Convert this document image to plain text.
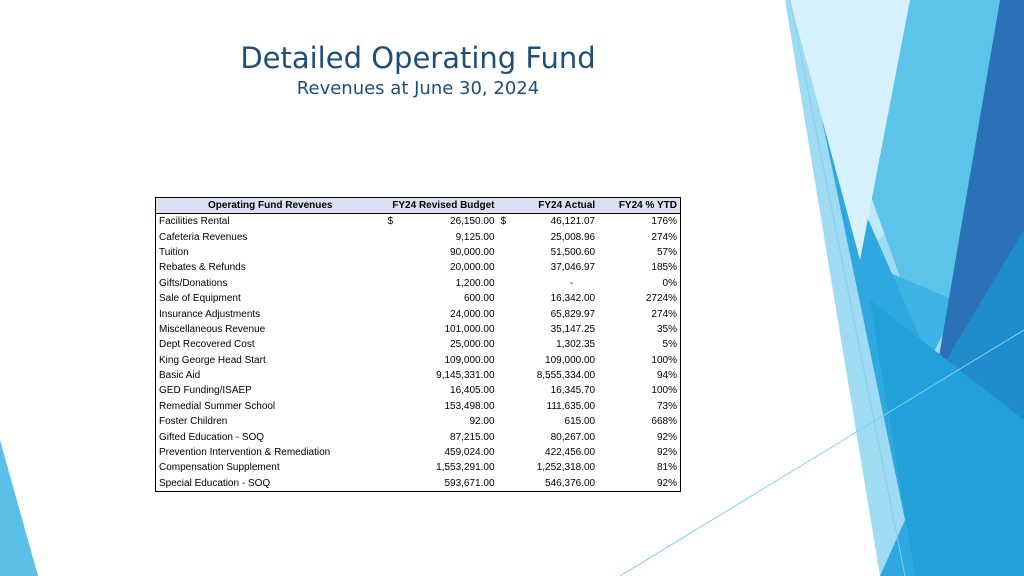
Detailed Operating Fund
Revenues at June 30, 2024
Operating Fund Revenues	FY24 Revised Budget	FY24 Actual	FY24 % YTD
Facilities Rental	$ 26,150.00	$ 46,121.07	176%
Cafeteria Revenues	9,125.00	25,008.96	274%
Tuition	90,000.00	51,500.60	57%
Rebates & Refunds	20,000.00	37,046.97	185%
Gifts/Donations	1,200.00	-	0%
Sale of Equipment	600.00	16,342.00	2724%
Insurance Adjustments	24,000.00	65,829.97	274%
Miscellaneous Revenue	101,000.00	35,147.25	35%
Dept Recovered Cost	25,000.00	1,302.35	5%
King George Head Start	109,000.00	109,000.00	100%
Basic Aid	9,145,331.00	8,555,334.00	94%
GED Funding/ISAEP	16,405.00	16,345.70	100%
Remedial Summer School	153,498.00	111,635.00	73%
Foster Children	92.00	615.00	668%
Gifted Education - SOQ	87,215.00	80,267.00	92%
Prevention Intervention & Remediation	459,024.00	422,456.00	92%
Compensation Supplement	1,553,291.00	1,252,318.00	81%
Special Education - SOQ	593,671.00	546,376.00	92%
